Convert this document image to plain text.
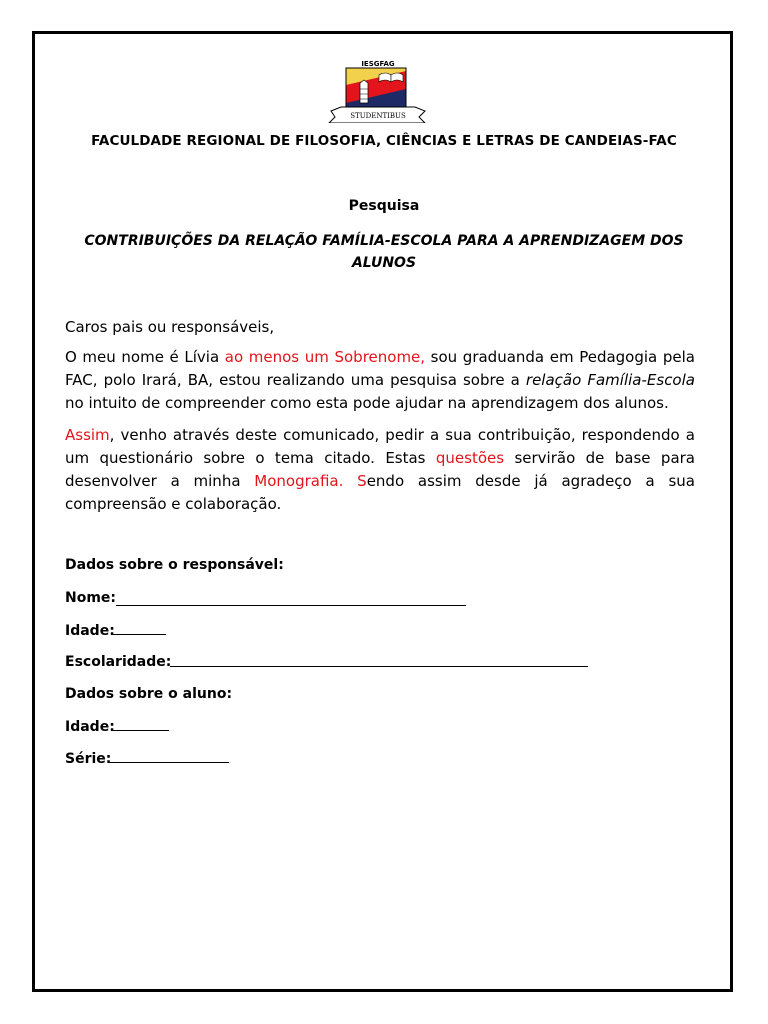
IESGFAG
STUDENTIBUS
FACULDADE REGIONAL DE FILOSOFIA, CIÊNCIAS E LETRAS DE CANDEIAS-FAC
Pesquisa
CONTRIBUIÇÕES DA RELAÇÃO FAMÍLIA-ESCOLA PARA A APRENDIZAGEM DOS ALUNOS
Caros pais ou responsáveis,
O meu nome é Lívia ao menos um Sobrenome, sou graduanda em Pedagogia pela FAC, polo Irará, BA, estou realizando uma pesquisa sobre a relação Família-Escola no intuito de compreender como esta pode ajudar na aprendizagem dos alunos.
Assim, venho através deste comunicado, pedir a sua contribuição, respondendo a um questionário sobre o tema citado. Estas questões servirão de base para desenvolver a minha Monografia. Sendo assim desde já agradeço a sua compreensão e colaboração.
Dados sobre o responsável:
Nome:
Idade:
Escolaridade:
Dados sobre o aluno:
Idade:
Série:
